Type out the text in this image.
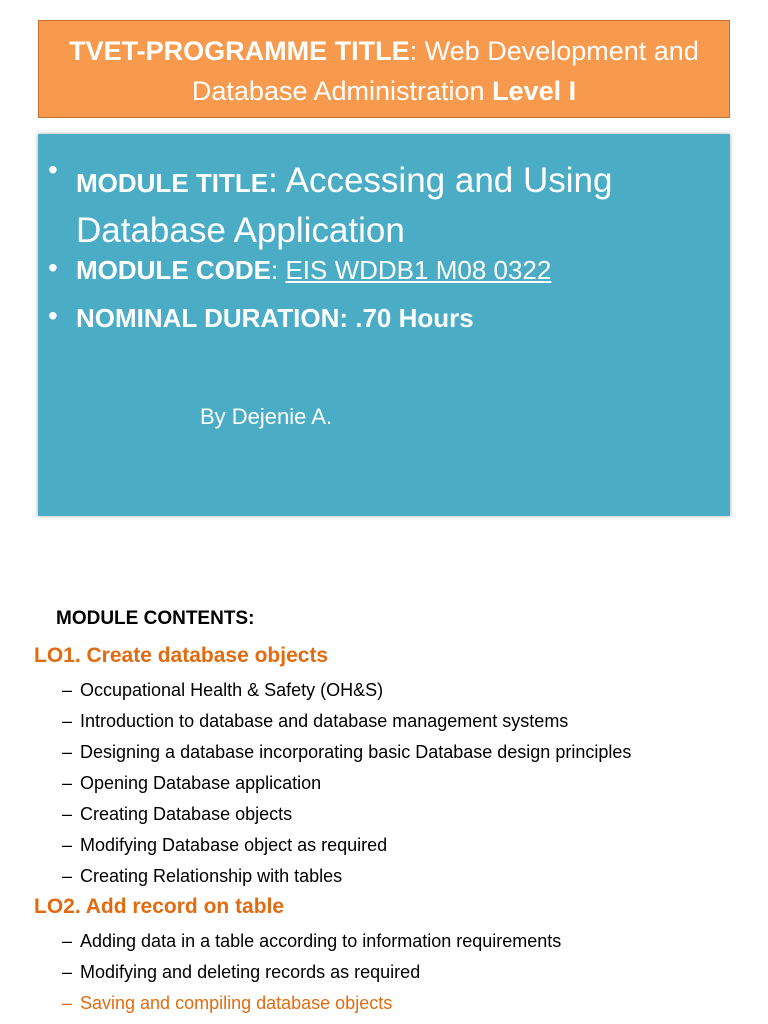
TVET-PROGRAMME TITLE: Web Development and Database Administration Level I
• MODULE TITLE: Accessing and Using Database Application
• MODULE CODE: EIS WDDB1 M08 0322
• NOMINAL DURATION: .70 Hours
By Dejenie A.
MODULE CONTENTS:
LO1. Create database objects
– Occupational Health & Safety (OH&S)
– Introduction to database and database management systems
– Designing a database incorporating basic Database design principles
– Opening Database application
– Creating Database objects
– Modifying Database object as required
– Creating Relationship with tables
LO2. Add record on table
– Adding data in a table according to information requirements
– Modifying and deleting records as required
– Saving and compiling database objects
